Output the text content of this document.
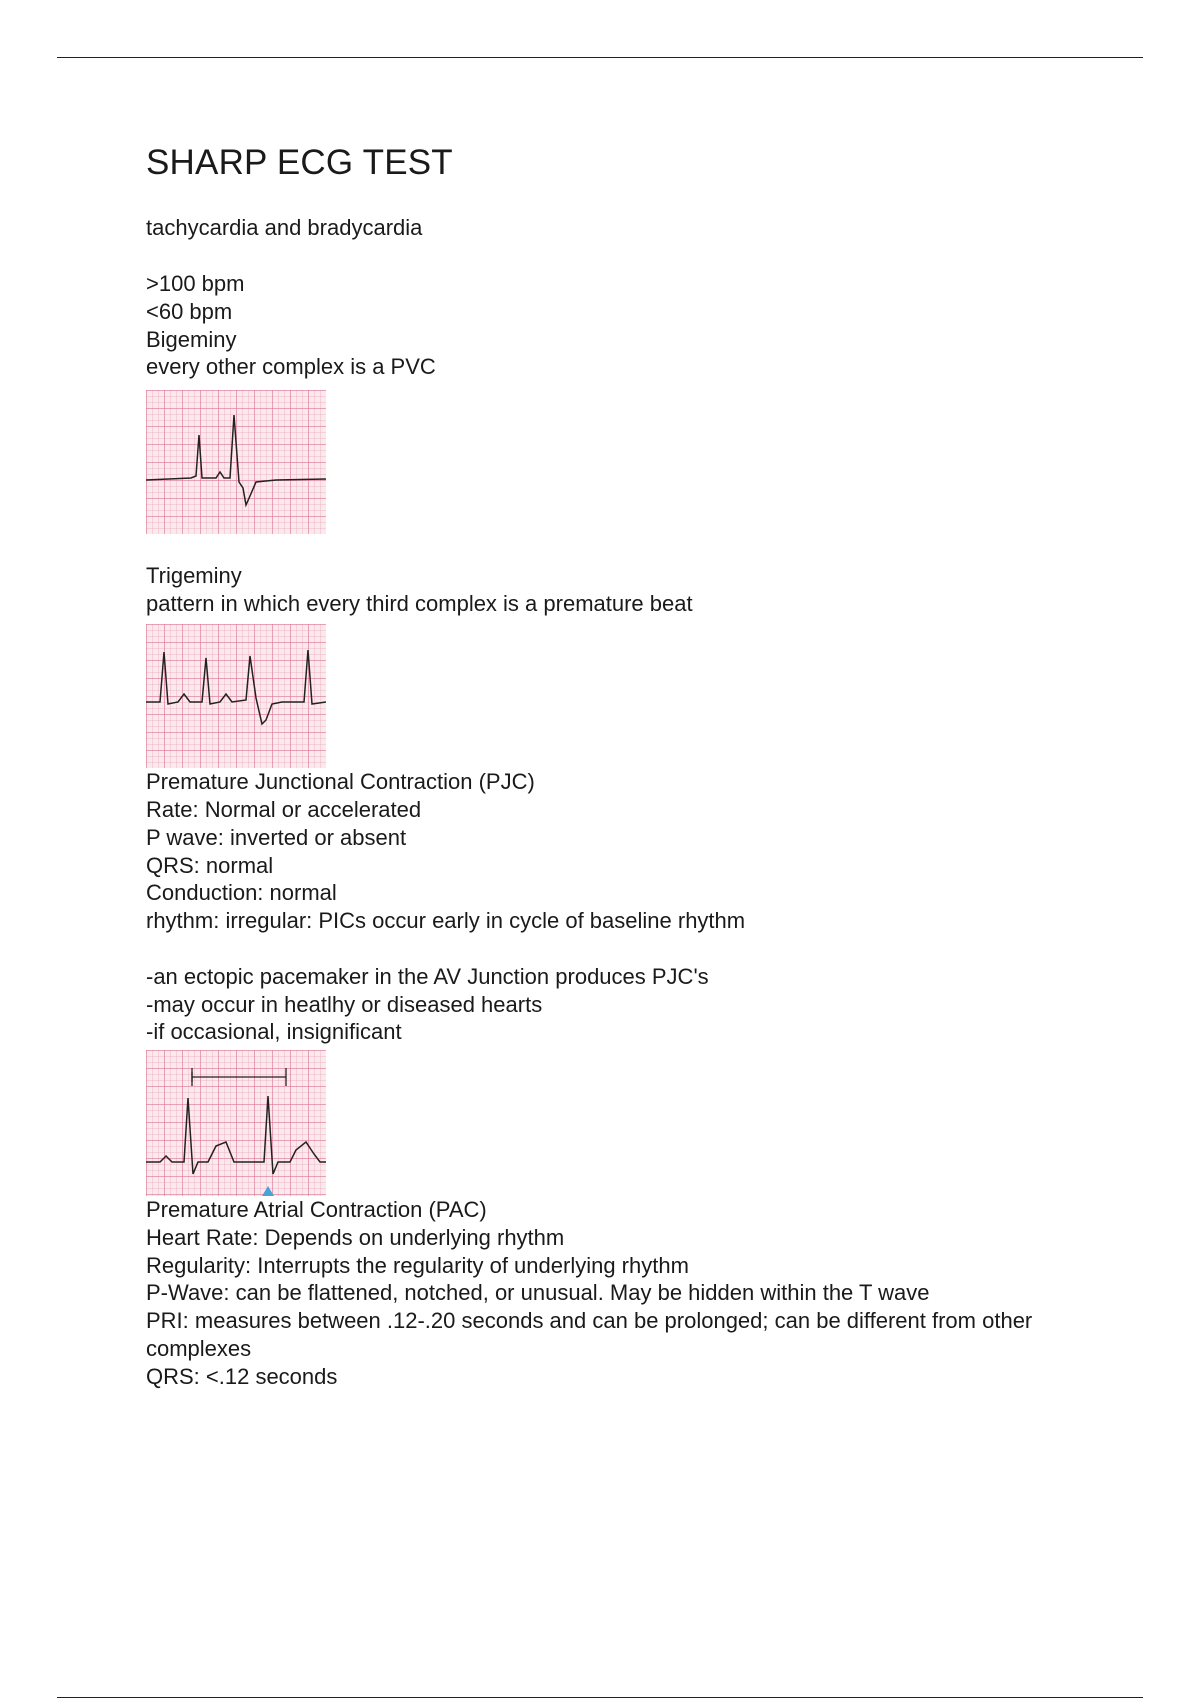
SHARP ECG TEST
tachycardia and bradycardia
>100 bpm
<60 bpm
Bigeminy
every other complex is a PVC
Trigeminy
pattern in which every third complex is a premature beat
Premature Junctional Contraction (PJC)
Rate: Normal or accelerated
P wave: inverted or absent
QRS: normal
Conduction: normal
rhythm: irregular: PICs occur early in cycle of baseline rhythm
-an ectopic pacemaker in the AV Junction produces PJC's
-may occur in heatlhy or diseased hearts
-if occasional, insignificant
Premature Atrial Contraction (PAC)
Heart Rate: Depends on underlying rhythm
Regularity: Interrupts the regularity of underlying rhythm
P-Wave: can be flattened, notched, or unusual. May be hidden within the T wave
PRI: measures between .12-.20 seconds and can be prolonged; can be different from other complexes
QRS: <.12 seconds
